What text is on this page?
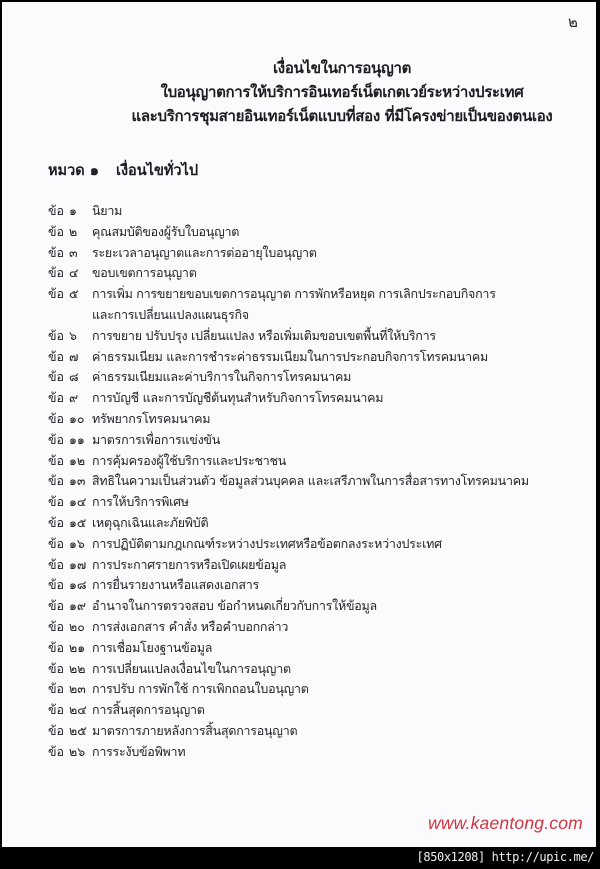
๒
เงื่อนไขในการอนุญาต
ใบอนุญาตการให้บริการอินเทอร์เน็ตเกตเวย์ระหว่างประเทศ
และบริการชุมสายอินเทอร์เน็ตแบบที่สอง ที่มีโครงข่ายเป็นของตนเอง
หมวด ๑ เงื่อนไขทั่วไป
ข้อ ๑	นิยาม
ข้อ ๒	คุณสมบัติของผู้รับใบอนุญาต
ข้อ ๓	ระยะเวลาอนุญาตและการต่ออายุใบอนุญาต
ข้อ ๔	ขอบเขตการอนุญาต
ข้อ ๕	การเพิ่ม การขยายขอบเขตการอนุญาต การพักหรือหยุด การเลิกประกอบกิจการ และการเปลี่ยนแปลงแผนธุรกิจ
ข้อ ๖	การขยาย ปรับปรุง เปลี่ยนแปลง หรือเพิ่มเติมขอบเขตพื้นที่ให้บริการ
ข้อ ๗	ค่าธรรมเนียม และการชำระค่าธรรมเนียมในการประกอบกิจการโทรคมนาคม
ข้อ ๘	ค่าธรรมเนียมและค่าบริการในกิจการโทรคมนาคม
ข้อ ๙	การบัญชี และการบัญชีต้นทุนสำหรับกิจการโทรคมนาคม
ข้อ ๑๐ ทรัพยากรโทรคมนาคม
ข้อ ๑๑ มาตรการเพื่อการแข่งขัน
ข้อ ๑๒ การคุ้มครองผู้ใช้บริการและประชาชน
ข้อ ๑๓ สิทธิในความเป็นส่วนตัว ข้อมูลส่วนบุคคล และเสรีภาพในการสื่อสารทางโทรคมนาคม
ข้อ ๑๔ การให้บริการพิเศษ
ข้อ ๑๕ เหตุฉุกเฉินและภัยพิบัติ
ข้อ ๑๖ การปฏิบัติตามกฎเกณฑ์ระหว่างประเทศหรือข้อตกลงระหว่างประเทศ
ข้อ ๑๗ การประกาศรายการหรือเปิดเผยข้อมูล
ข้อ ๑๘ การยื่นรายงานหรือแสดงเอกสาร
ข้อ ๑๙ อำนาจในการตรวจสอบ ข้อกำหนดเกี่ยวกับการให้ข้อมูล
ข้อ ๒๐ การส่งเอกสาร คำสั่ง หรือคำบอกกล่าว
ข้อ ๒๑ การเชื่อมโยงฐานข้อมูล
ข้อ ๒๒ การเปลี่ยนแปลงเงื่อนไขในการอนุญาต
ข้อ ๒๓ การปรับ การพักใช้ การเพิกถอนใบอนุญาต
ข้อ ๒๔ การสิ้นสุดการอนุญาต
ข้อ ๒๕ มาตรการภายหลังการสิ้นสุดการอนุญาต
ข้อ ๒๖ การระงับข้อพิพาท
www.kaentong.com
[850x1208] http://upic.me/
